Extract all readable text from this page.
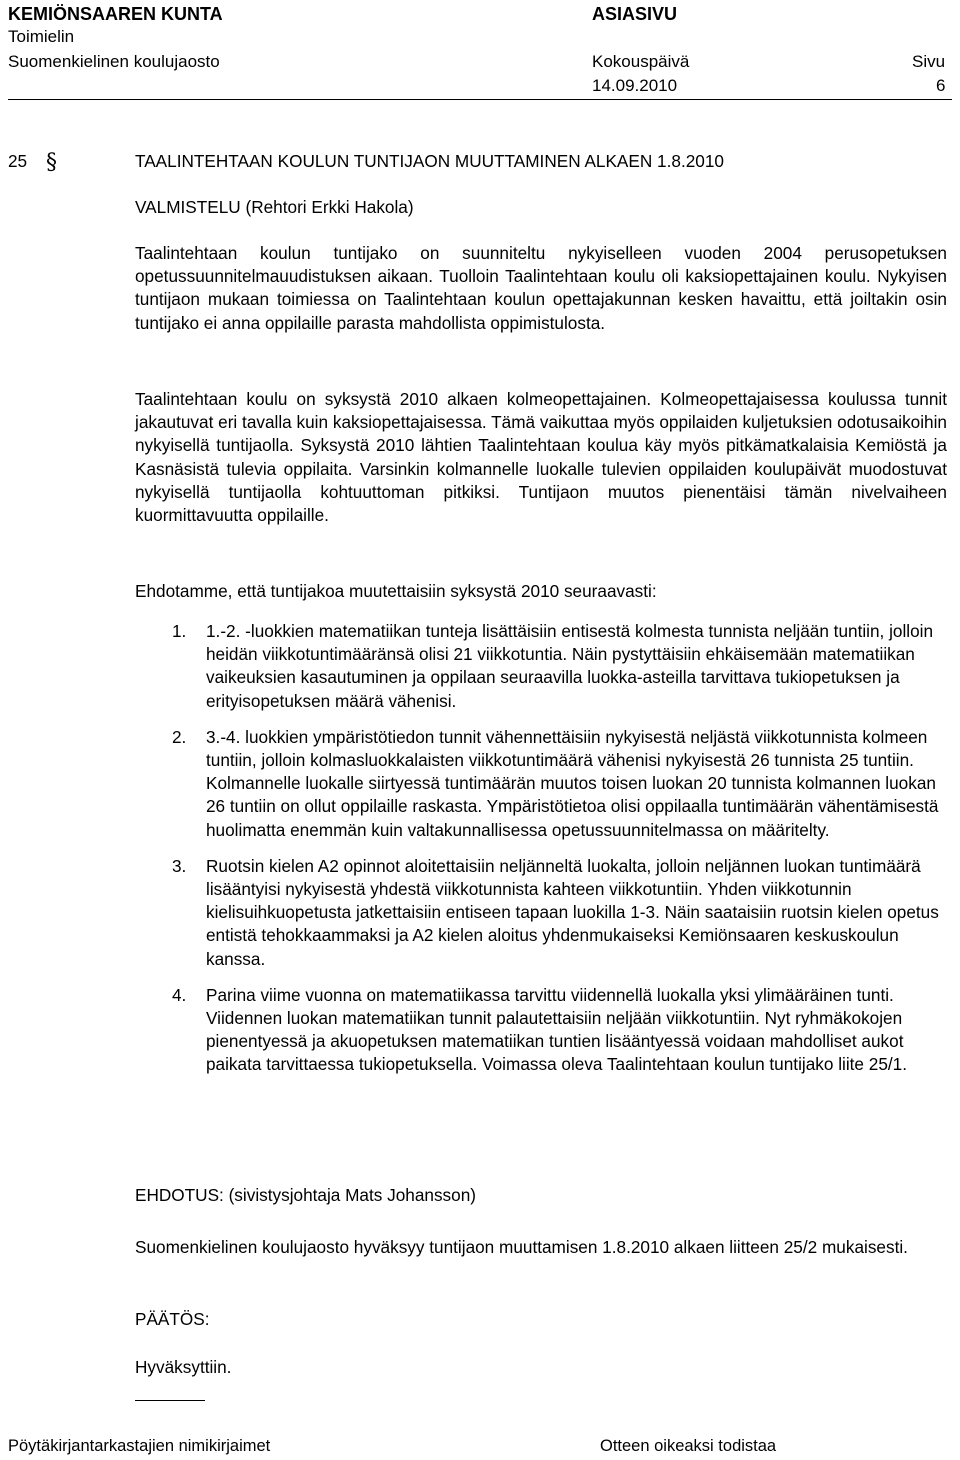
KEMIÖNSAAREN KUNTA	ASIASIVU
Toimielin
Suomenkielinen koulujaosto	Kokouspäivä
14.09.2010
Sivu
6
25 §	TAALINTEHTAAN KOULUN TUNTIJAON MUUTTAMINEN ALKAEN 1.8.2010

VALMISTELU (Rehtori Erkki Hakola)

Taalintehtaan koulun tuntijako on suunniteltu nykyiselleen vuoden 2004 perusopetuksen opetussuunnitelmauudistuksen aikaan. Tuolloin Taalintehtaan koulu oli kaksiopettajainen koulu. Nykyisen tuntijaon mukaan toimiessa on Taalintehtaan koulun opettajakunnan kesken havaittu, että joiltakin osin tuntijako ei anna oppilaille parasta mahdollista oppimistulosta.

Taalintehtaan koulu on syksystä 2010 alkaen kolmeopettajainen. Kolmeopettajaisessa koulussa tunnit jakautuvat eri tavalla kuin kaksiopettajaisessa. Tämä vaikuttaa myös oppilaiden kuljetuksien odotusaikoihin nykyisellä tuntijaolla. Syksystä 2010 lähtien Taalintehtaan koulua käy myös pitkämatkalaisia Kemiöstä ja Kasnäsistä tulevia oppilaita. Varsinkin kolmannelle luokalle tulevien oppilaiden koulupäivät muodostuvat nykyisellä tuntijaolla kohtuuttoman pitkiksi. Tuntijaon muutos pienentäisi tämän nivelvaiheen kuormittavuutta oppilaille.

Ehdotamme, että tuntijakoa muutettaisiin syksystä 2010 seuraavasti:

1. 1.-2. -luokkien matematiikan tunteja lisättäisiin entisestä kolmesta tunnista neljään tuntiin, jolloin heidän viikkotuntimääränsä olisi 21 viikkotuntia. Näin pystyttäisiin ehkäisemään matematiikan vaikeuksien kasautuminen ja oppilaan seuraavilla luokka-asteilla tarvittava tukiopetuksen ja erityisopetuksen määrä vähenisi.
2. 3.-4. luokkien ympäristötiedon tunnit vähennettäisiin nykyisestä neljästä viikkotunnista kolmeen tuntiin, jolloin kolmasluokkalaisten viikkotuntimäärä vähenisi nykyisestä 26 tunnista 25 tuntiin. Kolmannelle luokalle siirtyessä tuntimäärän muutos toisen luokan 20 tunnista kolmannen luokan 26 tuntiin on ollut oppilaille raskasta. Ympäristötietoa olisi oppilaalla tuntimäärän vähentämisestä huolimatta enemmän kuin valtakunnallisessa opetussuunnitelmassa on määritelty.
3. Ruotsin kielen A2 opinnot aloitettaisiin neljänneltä luokalta, jolloin neljännen luokan tuntimäärä lisääntyisi nykyisestä yhdestä viikkotunnista kahteen viikkotuntiin. Yhden viikkotunnin kielisuihkuopetusta jatkettaisiin entiseen tapaan luokilla 1-3. Näin saataisiin ruotsin kielen opetus entistä tehokkaammaksi ja A2 kielen aloitus yhdenmukaiseksi Kemiönsaaren keskuskoulun kanssa.
4. Parina viime vuonna on matematiikassa tarvittu viidennellä luokalla yksi ylimääräinen tunti. Viidennen luokan matematiikan tunnit palautettaisiin neljään viikkotuntiin. Nyt ryhmäkokojen pienentyessä ja akuopetuksen matematiikan tuntien lisääntyessä voidaan mahdolliset aukot paikata tarvittaessa tukiopetuksella. Voimassa oleva Taalintehtaan koulun tuntijako liite 25/1.

EHDOTUS: (sivistysjohtaja Mats Johansson)

Suomenkielinen koulujaosto hyväksyy tuntijaon muuttamisen 1.8.2010 alkaen liitteen 25/2 mukaisesti.

PÄÄTÖS:

Hyväksyttiin.

Pöytäkirjantarkastajien nimikirjaimet	Otteen oikeaksi todistaa
